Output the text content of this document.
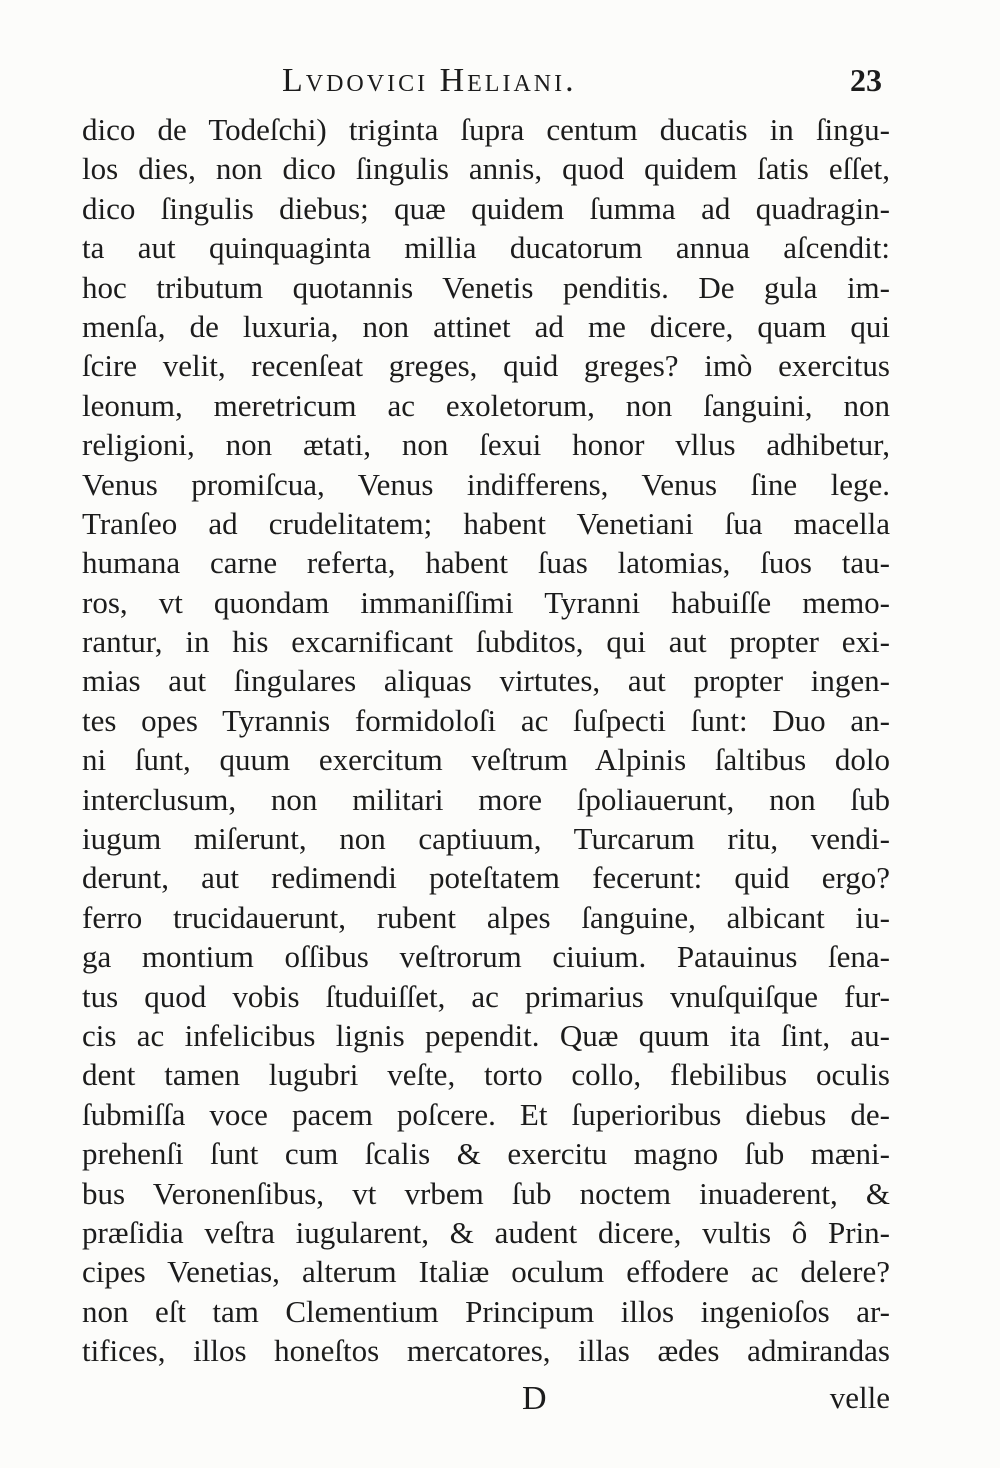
Lvdovici Heliani.	23
dico de Todeſchi) triginta ſupra centum ducatis in ſingu-
los dies, non dico ſingulis annis, quod quidem ſatis eſſet,
dico ſingulis diebus; quæ quidem ſumma ad quadragin-
ta aut quinquaginta millia ducatorum annua aſcendit:
hoc tributum quotannis Venetis penditis. De gula im-
menſa, de luxuria, non attinet ad me dicere, quam qui
ſcire velit, recenſeat greges, quid greges? imò exercitus
leonum, meretricum ac exoletorum, non ſanguini, non
religioni, non ætati, non ſexui honor vllus adhibetur,
Venus promiſcua, Venus indifferens, Venus ſine lege.
Tranſeo ad crudelitatem; habent Venetiani ſua macella
humana carne referta, habent ſuas latomias, ſuos tau-
ros, vt quondam immaniſſimi Tyranni habuiſſe memo-
rantur, in his excarnificant ſubditos, qui aut propter exi-
mias aut ſingulares aliquas virtutes, aut propter ingen-
tes opes Tyrannis formidoloſi ac ſuſpecti ſunt: Duo an-
ni ſunt, quum exercitum veſtrum Alpinis ſaltibus dolo
interclusum, non militari more ſpoliauerunt, non ſub
iugum miſerunt, non captiuum, Turcarum ritu, vendi-
derunt, aut redimendi poteſtatem fecerunt: quid ergo?
ferro trucidauerunt, rubent alpes ſanguine, albicant iu-
ga montium oſſibus veſtrorum ciuium. Patauinus ſena-
tus quod vobis ſtuduiſſet, ac primarius vnuſquiſque fur-
cis ac infelicibus lignis pependit. Quæ quum ita ſint, au-
dent tamen lugubri veſte, torto collo, flebilibus oculis
ſubmiſſa voce pacem poſcere. Et ſuperioribus diebus de-
prehenſi ſunt cum ſcalis & exercitu magno ſub mæni-
bus Veronenſibus, vt vrbem ſub noctem inuaderent, &
præſidia veſtra iugularent, & audent dicere, vultis ô Prin-
cipes Venetias, alterum Italiæ oculum effodere ac delere?
non eſt tam Clementium Principum illos ingenioſos ar-
tifices, illos honeſtos mercatores, illas ædes admirandas
D	velle
